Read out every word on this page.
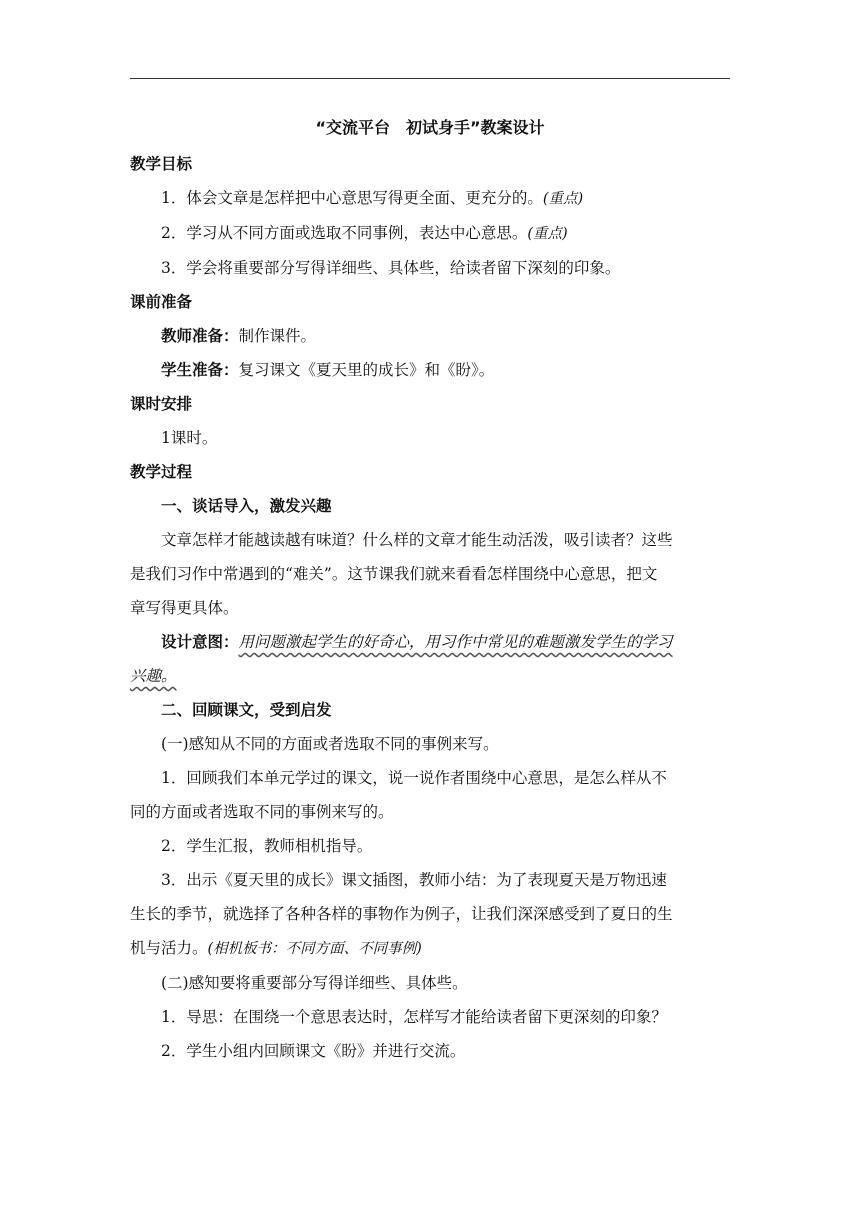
“交流平台　初试身手”教案设计
教学目标
1．体会文章是怎样把中心意思写得更全面、更充分的。(重点)
2．学习从不同方面或选取不同事例，表达中心意思。(重点)
3．学会将重要部分写得详细些、具体些，给读者留下深刻的印象。
课前准备
教师准备：制作课件。
学生准备：复习课文《夏天里的成长》和《盼》。
课时安排
1课时。
教学过程
一、谈话导入，激发兴趣
文章怎样才能越读越有味道？什么样的文章才能生动活泼，吸引读者？这些
是我们习作中常遇到的“难关”。这节课我们就来看看怎样围绕中心意思，把文
章写得更具体。
设计意图：用问题激起学生的好奇心，用习作中常见的难题激发学生的学习
兴趣。
二、回顾课文，受到启发
(一)感知从不同的方面或者选取不同的事例来写。
1．回顾我们本单元学过的课文，说一说作者围绕中心意思，是怎么样从不
同的方面或者选取不同的事例来写的。
2．学生汇报，教师相机指导。
3．出示《夏天里的成长》课文插图，教师小结：为了表现夏天是万物迅速
生长的季节，就选择了各种各样的事物作为例子，让我们深深感受到了夏日的生
机与活力。(相机板书：不同方面、不同事例)
(二)感知要将重要部分写得详细些、具体些。
1．导思：在围绕一个意思表达时，怎样写才能给读者留下更深刻的印象？
2．学生小组内回顾课文《盼》并进行交流。
